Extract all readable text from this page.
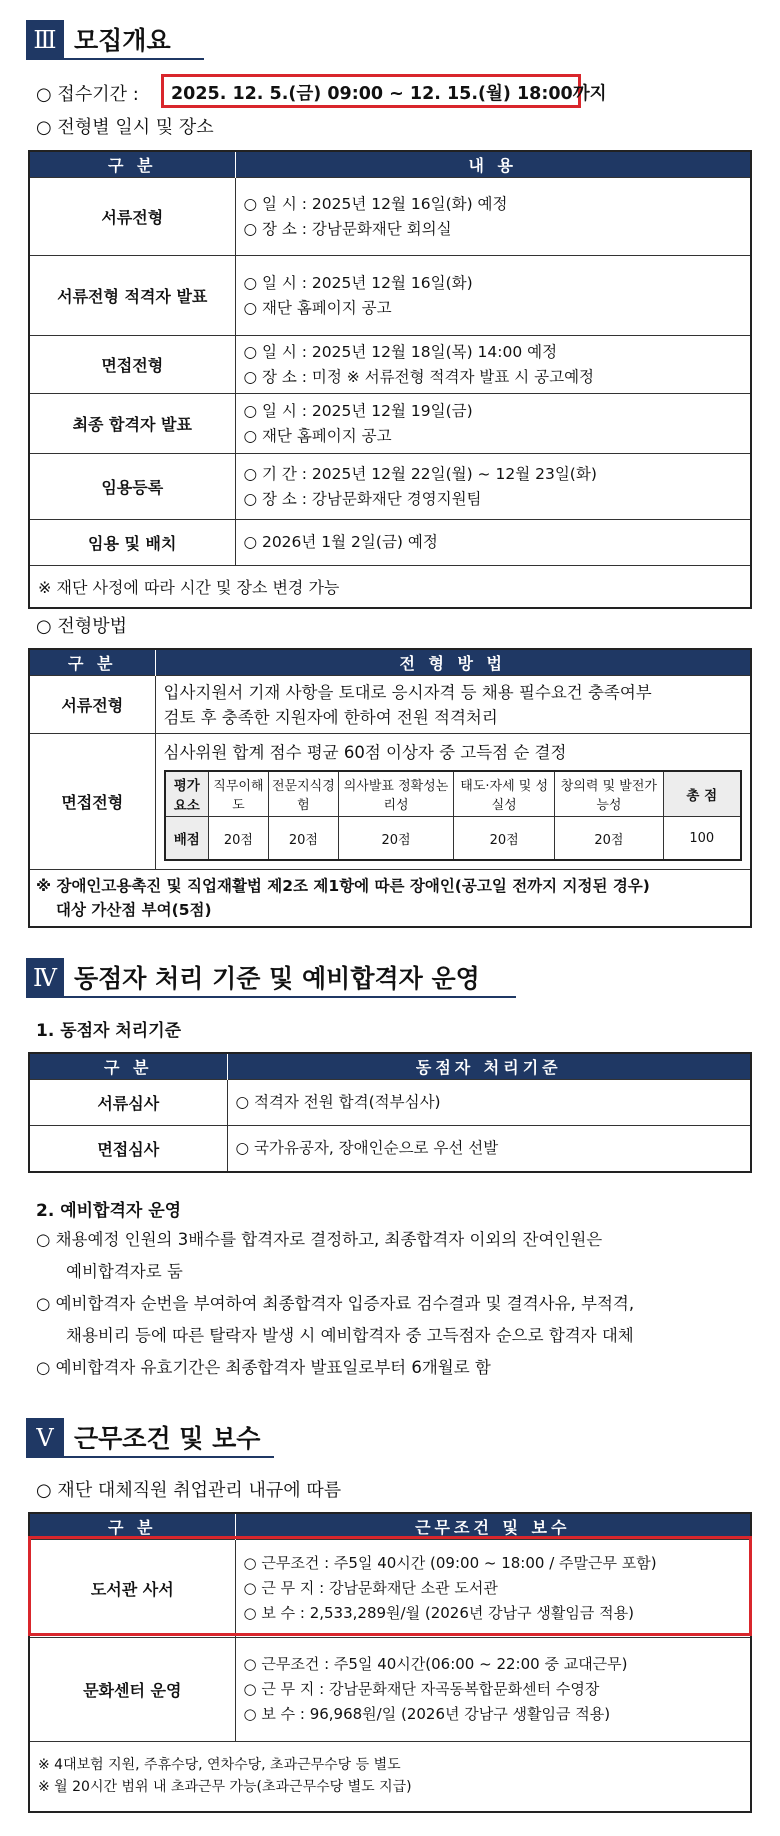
Ⅲ 모집개요
○ 접수기간 : 2025. 12. 5.(금) 09:00 ~ 12. 15.(월) 18:00까지
○ 전형별 일시 및 장소
구 분	내 용
서류전형	○ 일 시 : 2025년 12월 16일(화) 예정
○ 장 소 : 강남문화재단 회의실

서류전형 적격자 발표	○ 일 시 : 2025년 12월 16일(화)
○ 재단 홈페이지 공고

면접전형	○ 일 시 : 2025년 12월 18일(목) 14:00 예정
○ 장 소 : 미정 ※ 서류전형 적격자 발표 시 공고예정

최종 합격자 발표	○ 일 시 : 2025년 12월 19일(금)
○ 재단 홈페이지 공고

임용등록	○ 기 간 : 2025년 12월 22일(월) ~ 12월 23일(화)
○ 장 소 : 강남문화재단 경영지원팀

임용 및 배치	○ 2026년 1월 2일(금) 예정

※ 재단 사정에 따라 시간 및 장소 변경 가능	
○ 전형방법
구 분	전 형 방 법
서류전형	
입사지원서 기재 사항을 토대로 응시자격 등 채용 필수요건 충족여부
검토 후 충족한 지원자에 한하여 전원 적격처리

면접전형	
심사위원 합계 점수 평균 60점 이상자 중 고득점 순 결정
평가 요소	직무이해도	전문지식경험	의사발표 정확성논리성	태도·자세 및 성실성	창의력 및 발전가능성	총 점
배점	20점	20점	20점	20점	20점	100

※ 장애인고용촉진 및 직업재활법 제2조 제1항에 따른 장애인(공고일 전까지 지정된 경우)
대상 가산점 부여(5점)
Ⅳ 동점자 처리 기준 및 예비합격자 운영
1. 동점자 처리기준
구 분	동점자 처리기준
서류심사	○ 적격자 전원 합격(적부심사)

면접심사	○ 국가유공자, 장애인순으로 우선 선발
2. 예비합격자 운영
○ 채용예정 인원의 3배수를 합격자로 결정하고, 최종합격자 이외의 잔여인원은
예비합격자로 둠
○ 예비합격자 순번을 부여하여 최종합격자 입증자료 검수결과 및 결격사유, 부적격,
채용비리 등에 따른 탈락자 발생 시 예비합격자 중 고득점자 순으로 합격자 대체
○ 예비합격자 유효기간은 최종합격자 발표일로부터 6개월로 함
Ⅴ 근무조건 및 보수
○ 재단 대체직원 취업관리 내규에 따름
구 분	근무조건 및 보수
도서관 사서	○ 근무조건 : 주5일 40시간 (09:00 ~ 18:00 / 주말근무 포함)
○ 근 무 지 : 강남문화재단 소관 도서관
○ 보 수 : 2,533,289원/월 (2026년 강남구 생활임금 적용)

문화센터 운영	○ 근무조건 : 주5일 40시간(06:00 ~ 22:00 중 교대근무)
○ 근 무 지 : 강남문화재단 자곡동복합문화센터 수영장
○ 보 수 : 96,968원/일 (2026년 강남구 생활임금 적용)

※ 4대보험 지원, 주휴수당, 연차수당, 초과근무수당 등 별도
※ 월 20시간 범위 내 초과근무 가능(초과근무수당 별도 지급)	
